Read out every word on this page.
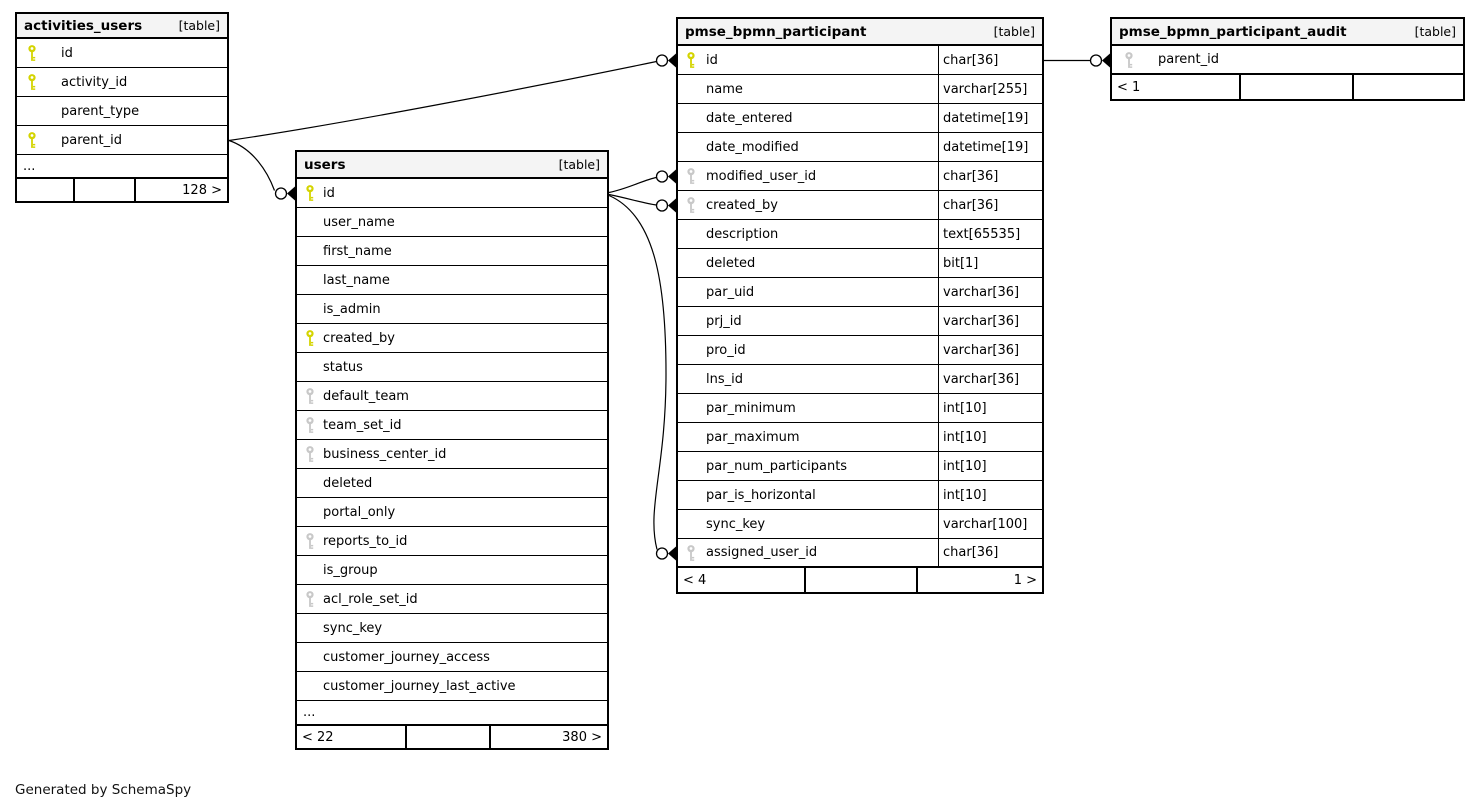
activities_users	[table]
id
activity_id
parent_type
parent_id
...
128 >
users	[table]
id
user_name
first_name
last_name
is_admin
created_by
status
default_team
team_set_id
business_center_id
deleted
portal_only
reports_to_id
is_group
acl_role_set_id
sync_key
customer_journey_access
customer_journey_last_active
...
< 22	380 >
pmse_bpmn_participant	[table]
id	char[36]
name	varchar[255]
date_entered	datetime[19]
date_modified	datetime[19]
modified_user_id	char[36]
created_by	char[36]
description	text[65535]
deleted	bit[1]
par_uid	varchar[36]
prj_id	varchar[36]
pro_id	varchar[36]
lns_id	varchar[36]
par_minimum	int[10]
par_maximum	int[10]
par_num_participants	int[10]
par_is_horizontal	int[10]
sync_key	varchar[100]
assigned_user_id	char[36]
< 4	1 >
pmse_bpmn_participant_audit	[table]
parent_id
< 1
Generated by SchemaSpy
